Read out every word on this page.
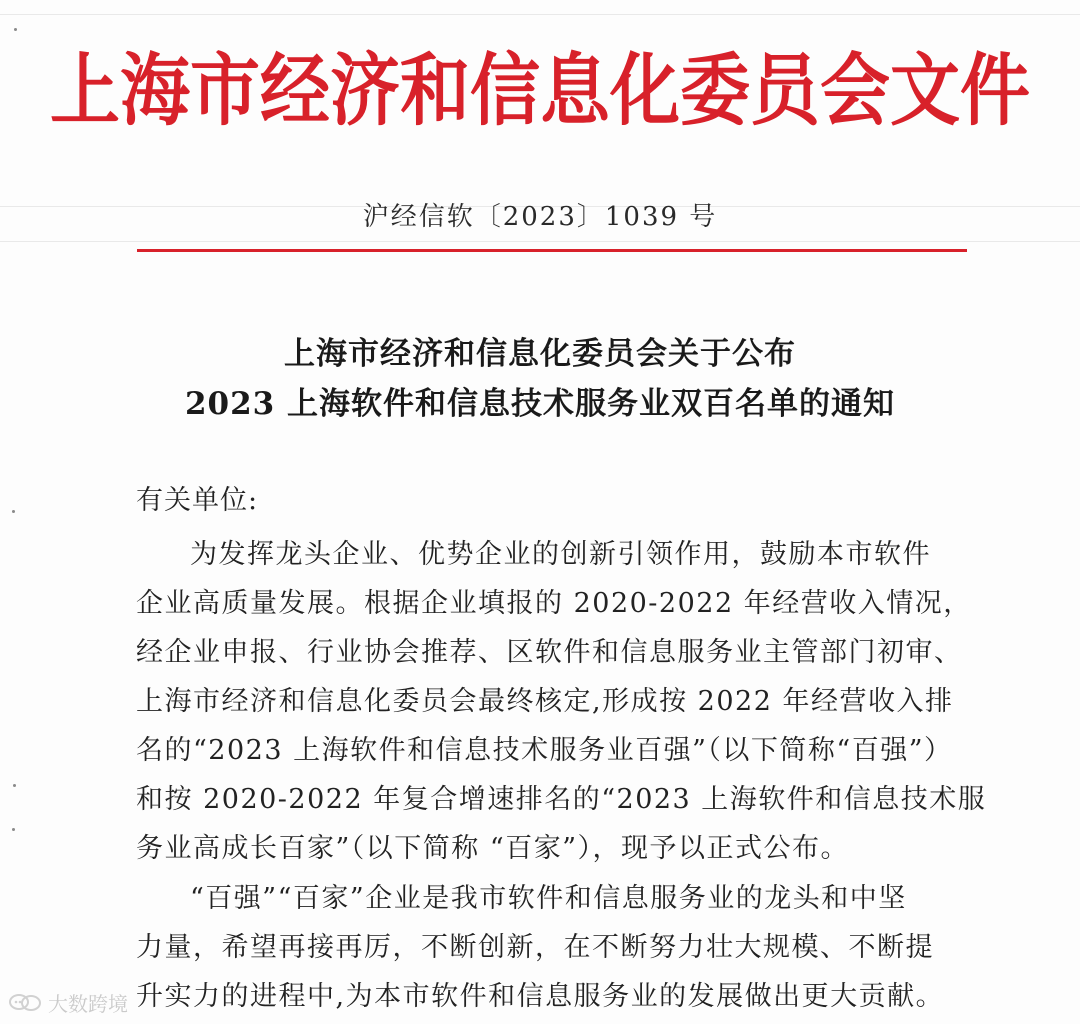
上海市经济和信息化委员会文件
沪经信软〔2023〕1039 号
上海市经济和信息化委员会关于公布
2023 上海软件和信息技术服务业双百名单的通知
有关单位:
为发挥龙头企业、优势企业的创新引领作用，鼓励本市软件
企业高质量发展。根据企业填报的 2020-2022 年经营收入情况，
经企业申报、行业协会推荐、区软件和信息服务业主管部门初审、
上海市经济和信息化委员会最终核定,形成按 2022 年经营收入排
名的“2023 上海软件和信息技术服务业百强”（以下简称“百强”）
和按 2020-2022 年复合增速排名的“2023 上海软件和信息技术服
务业高成长百家”（以下简称 “百家”），现予以正式公布。
“百强”“百家”企业是我市软件和信息服务业的龙头和中坚
力量，希望再接再厉，不断创新，在不断努力壮大规模、不断提
升实力的进程中,为本市软件和信息服务业的发展做出更大贡献。
大数跨境
